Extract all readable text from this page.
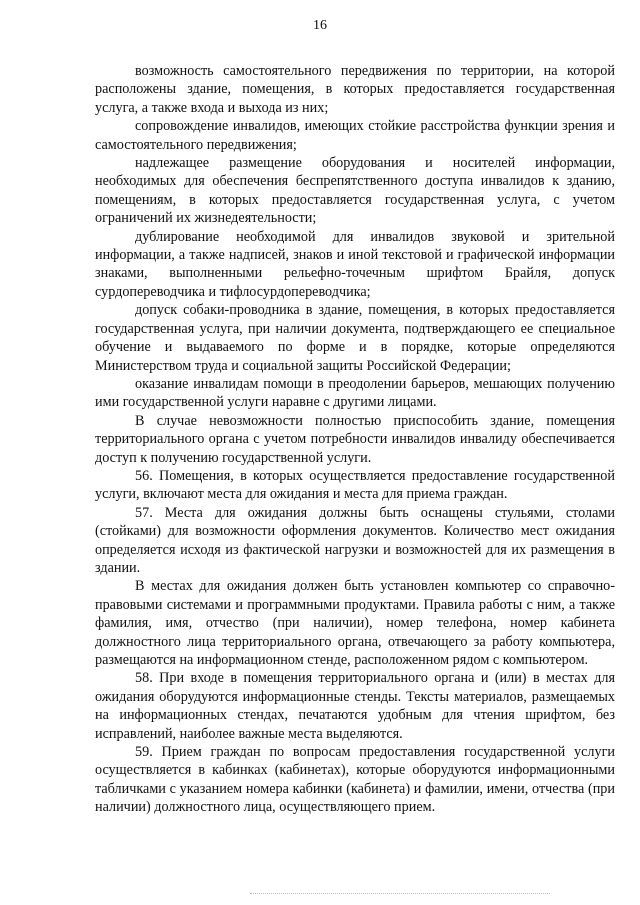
16

возможность самостоятельного передвижения по территории, на которой расположены здание, помещения, в которых предоставляется государственная услуга, а также входа и выхода из них;

сопровождение инвалидов, имеющих стойкие расстройства функции зрения и самостоятельного передвижения;

надлежащее размещение оборудования и носителей информации, необходимых для обеспечения беспрепятственного доступа инвалидов к зданию, помещениям, в которых предоставляется государственная услуга, с учетом ограничений их жизнедеятельности;

дублирование необходимой для инвалидов звуковой и зрительной информации, а также надписей, знаков и иной текстовой и графической информации знаками, выполненными рельефно-точечным шрифтом Брайля, допуск сурдопереводчика и тифлосурдопереводчика;

допуск собаки-проводника в здание, помещения, в которых предоставляется государственная услуга, при наличии документа, подтверждающего ее специальное обучение и выдаваемого по форме и в порядке, которые определяются Министерством труда и социальной защиты Российской Федерации;

оказание инвалидам помощи в преодолении барьеров, мешающих получению ими государственной услуги наравне с другими лицами.

В случае невозможности полностью приспособить здание, помещения территориального органа с учетом потребности инвалидов инвалиду обеспечивается доступ к получению государственной услуги.

56. Помещения, в которых осуществляется предоставление государственной услуги, включают места для ожидания и места для приема граждан.

57. Места для ожидания должны быть оснащены стульями, столами (стойками) для возможности оформления документов. Количество мест ожидания определяется исходя из фактической нагрузки и возможностей для их размещения в здании.

В местах для ожидания должен быть установлен компьютер со справочно-правовыми системами и программными продуктами. Правила работы с ним, а также фамилия, имя, отчество (при наличии), номер телефона, номер кабинета должностного лица территориального органа, отвечающего за работу компьютера, размещаются на информационном стенде, расположенном рядом с компьютером.

58. При входе в помещения территориального органа и (или) в местах для ожидания оборудуются информационные стенды. Тексты материалов, размещаемых на информационных стендах, печатаются удобным для чтения шрифтом, без исправлений, наиболее важные места выделяются.

59. Прием граждан по вопросам предоставления государственной услуги осуществляется в кабинках (кабинетах), которые оборудуются информационными табличками с указанием номера кабинки (кабинета) и фамилии, имени, отчества (при наличии) должностного лица, осуществляющего прием.
